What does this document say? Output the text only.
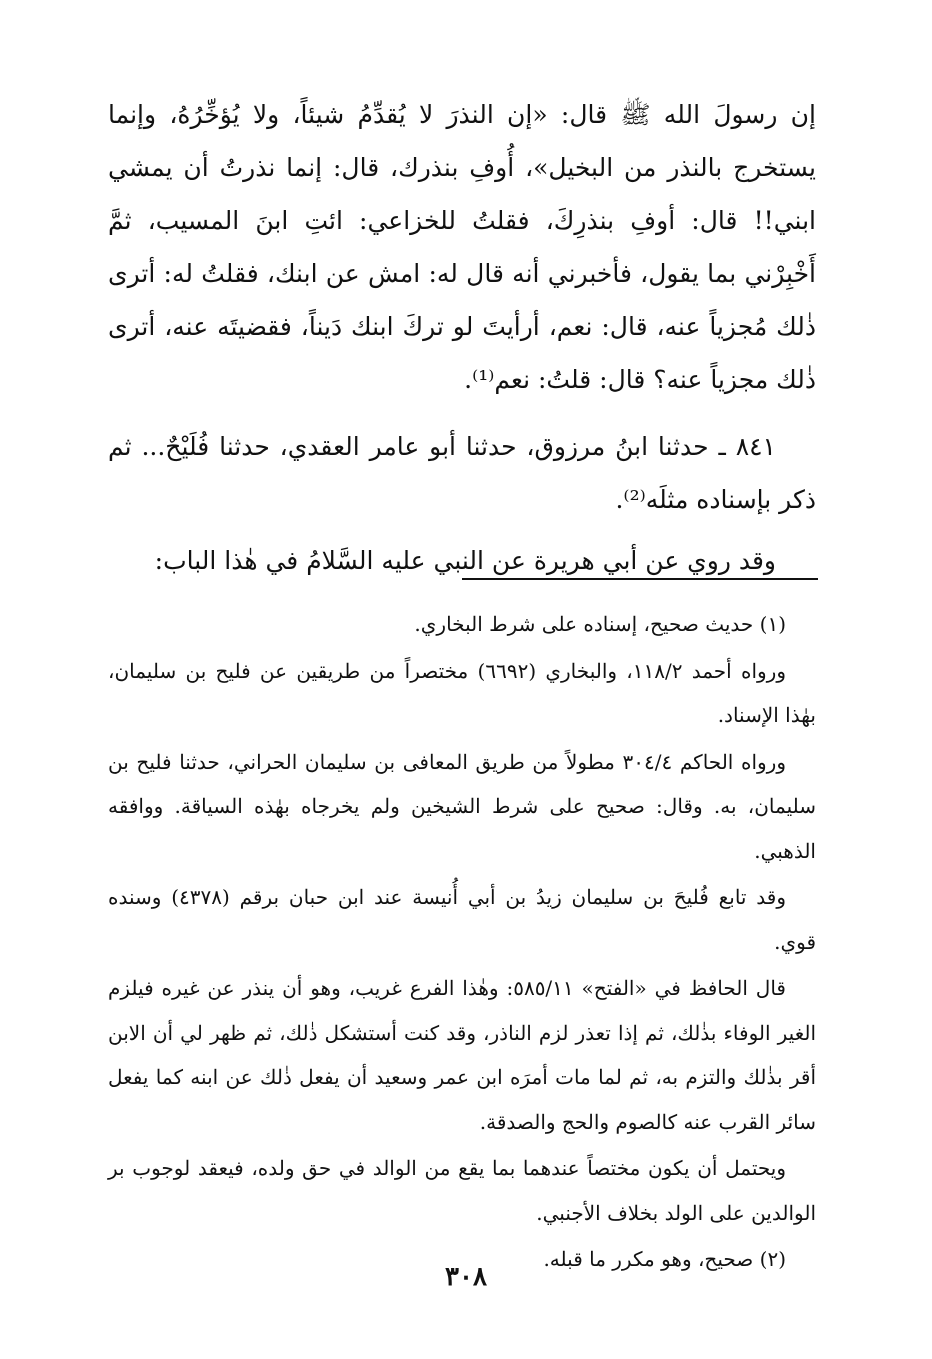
إن رسولَ الله ﷺ قال: «إن النذرَ لا يُقدِّمُ شيئاً، ولا يُؤخِّرُهُ، وإنما يستخرج بالنذر من البخيل»، أُوفِ بنذرك، قال: إنما نذرتُ أن يمشي ابني!! قال: أوفِ بنذرِكَ، فقلتُ للخزاعي: ائتِ ابنَ المسيب، ثمَّ أَخْبِرْني بما يقول، فأخبرني أنه قال له: امش عن ابنك، فقلتُ له: أترى ذٰلك مُجزياً عنه، قال: نعم، أرأيتَ لو تركَ ابنك دَيناً، فقضيتَه عنه، أترى ذٰلك مجزياً عنه؟ قال: قلتُ: نعم⁽¹⁾.

٨٤١ ـ حدثنا ابنُ مرزوق، حدثنا أبو عامر العقدي، حدثنا فُلَيْحٌ... ثم ذكر بإسناده مثلَه⁽²⁾.

وقد روي عن أبي هريرة عن النبي عليه السَّلامُ في هٰذا الباب:

(١) حديث صحيح، إسناده على شرط البخاري.

ورواه أحمد ١١٨/٢، والبخاري (٦٦٩٢) مختصراً من طريقين عن فليح بن سليمان، بهٰذا الإسناد.

ورواه الحاكم ٣٠٤/٤ مطولاً من طريق المعافى بن سليمان الحراني، حدثنا فليح بن سليمان، به. وقال: صحيح على شرط الشيخين ولم يخرجاه بهٰذه السياقة. ووافقه الذهبي.

وقد تابع فُليحَ بن سليمان زيدُ بن أبي أُنيسة عند ابن حبان برقم (٤٣٧٨) وسنده قوي.

قال الحافظ في «الفتح» ٥٨٥/١١: وهٰذا الفرع غريب، وهو أن ينذر عن غيره فيلزم الغير الوفاء بذٰلك، ثم إذا تعذر لزم الناذر، وقد كنت أستشكل ذٰلك، ثم ظهر لي أن الابن أقر بذٰلك والتزم به، ثم لما مات أمرَه ابن عمر وسعيد أن يفعل ذٰلك عن ابنه كما يفعل سائر القرب عنه كالصوم والحج والصدقة.

ويحتمل أن يكون مختصاً عندهما بما يقع من الوالد في حق ولده، فيعقد لوجوب بر الوالدين على الولد بخلاف الأجنبي.

(٢) صحيح، وهو مكرر ما قبله.

٣٠٨
